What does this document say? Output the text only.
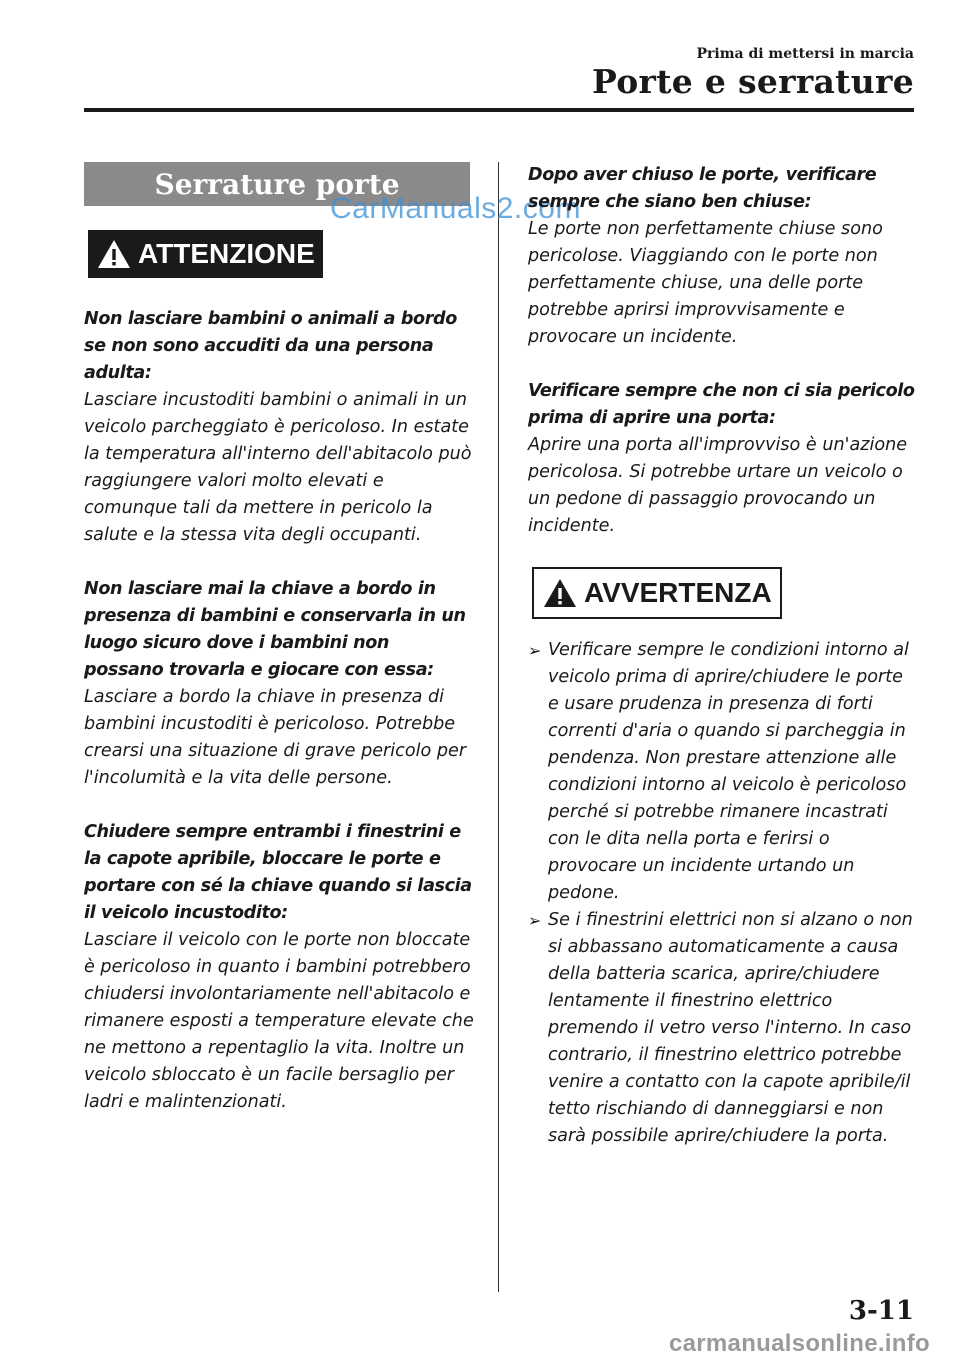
Prima di mettersi in marcia
Porte e serrature
Serrature porte
ATTENZIONE

Non lasciare bambini o animali a bordo se non sono accuditi da una persona adulta:

Lasciare incustoditi bambini o animali in un veicolo parcheggiato è pericoloso. In estate la temperatura all'interno dell'abitacolo può raggiungere valori molto elevati e comunque tali da mettere in pericolo la salute e la stessa vita degli occupanti.

Non lasciare mai la chiave a bordo in presenza di bambini e conservarla in un luogo sicuro dove i bambini non possano trovarla e giocare con essa:

Lasciare a bordo la chiave in presenza di bambini incustoditi è pericoloso. Potrebbe crearsi una situazione di grave pericolo per l'incolumità e la vita delle persone.

Chiudere sempre entrambi i finestrini e la capote apribile, bloccare le porte e portare con sé la chiave quando si lascia il veicolo incustodito:

Lasciare il veicolo con le porte non bloccate è pericoloso in quanto i bambini potrebbero chiudersi involontariamente nell'abitacolo e rimanere esposti a temperature elevate che ne mettono a repentaglio la vita. Inoltre un veicolo sbloccato è un facile bersaglio per ladri e malintenzionati.

CarManuals2.com

Dopo aver chiuso le porte, verificare sempre che siano ben chiuse:

Le porte non perfettamente chiuse sono pericolose. Viaggiando con le porte non perfettamente chiuse, una delle porte potrebbe aprirsi improvvisamente e provocare un incidente.

Verificare sempre che non ci sia pericolo prima di aprire una porta:

Aprire una porta all'improvviso è un'azione pericolosa. Si potrebbe urtare un veicolo o un pedone di passaggio provocando un incidente.

AVVERTENZA
➢ Verificare sempre le condizioni intorno al veicolo prima di aprire/chiudere le porte e usare prudenza in presenza di forti correnti d'aria o quando si parcheggia in pendenza. Non prestare attenzione alle condizioni intorno al veicolo è pericoloso perché si potrebbe rimanere incastrati con le dita nella porta e ferirsi o provocare un incidente urtando un pedone.
➢ Se i finestrini elettrici non si alzano o non si abbassano automaticamente a causa della batteria scarica, aprire/chiudere lentamente il finestrino elettrico premendo il vetro verso l'interno. In caso contrario, il finestrino elettrico potrebbe venire a contatto con la capote apribile/il tetto rischiando di danneggiarsi e non sarà possibile aprire/chiudere la porta.
3-11
carmanualsonline.info
